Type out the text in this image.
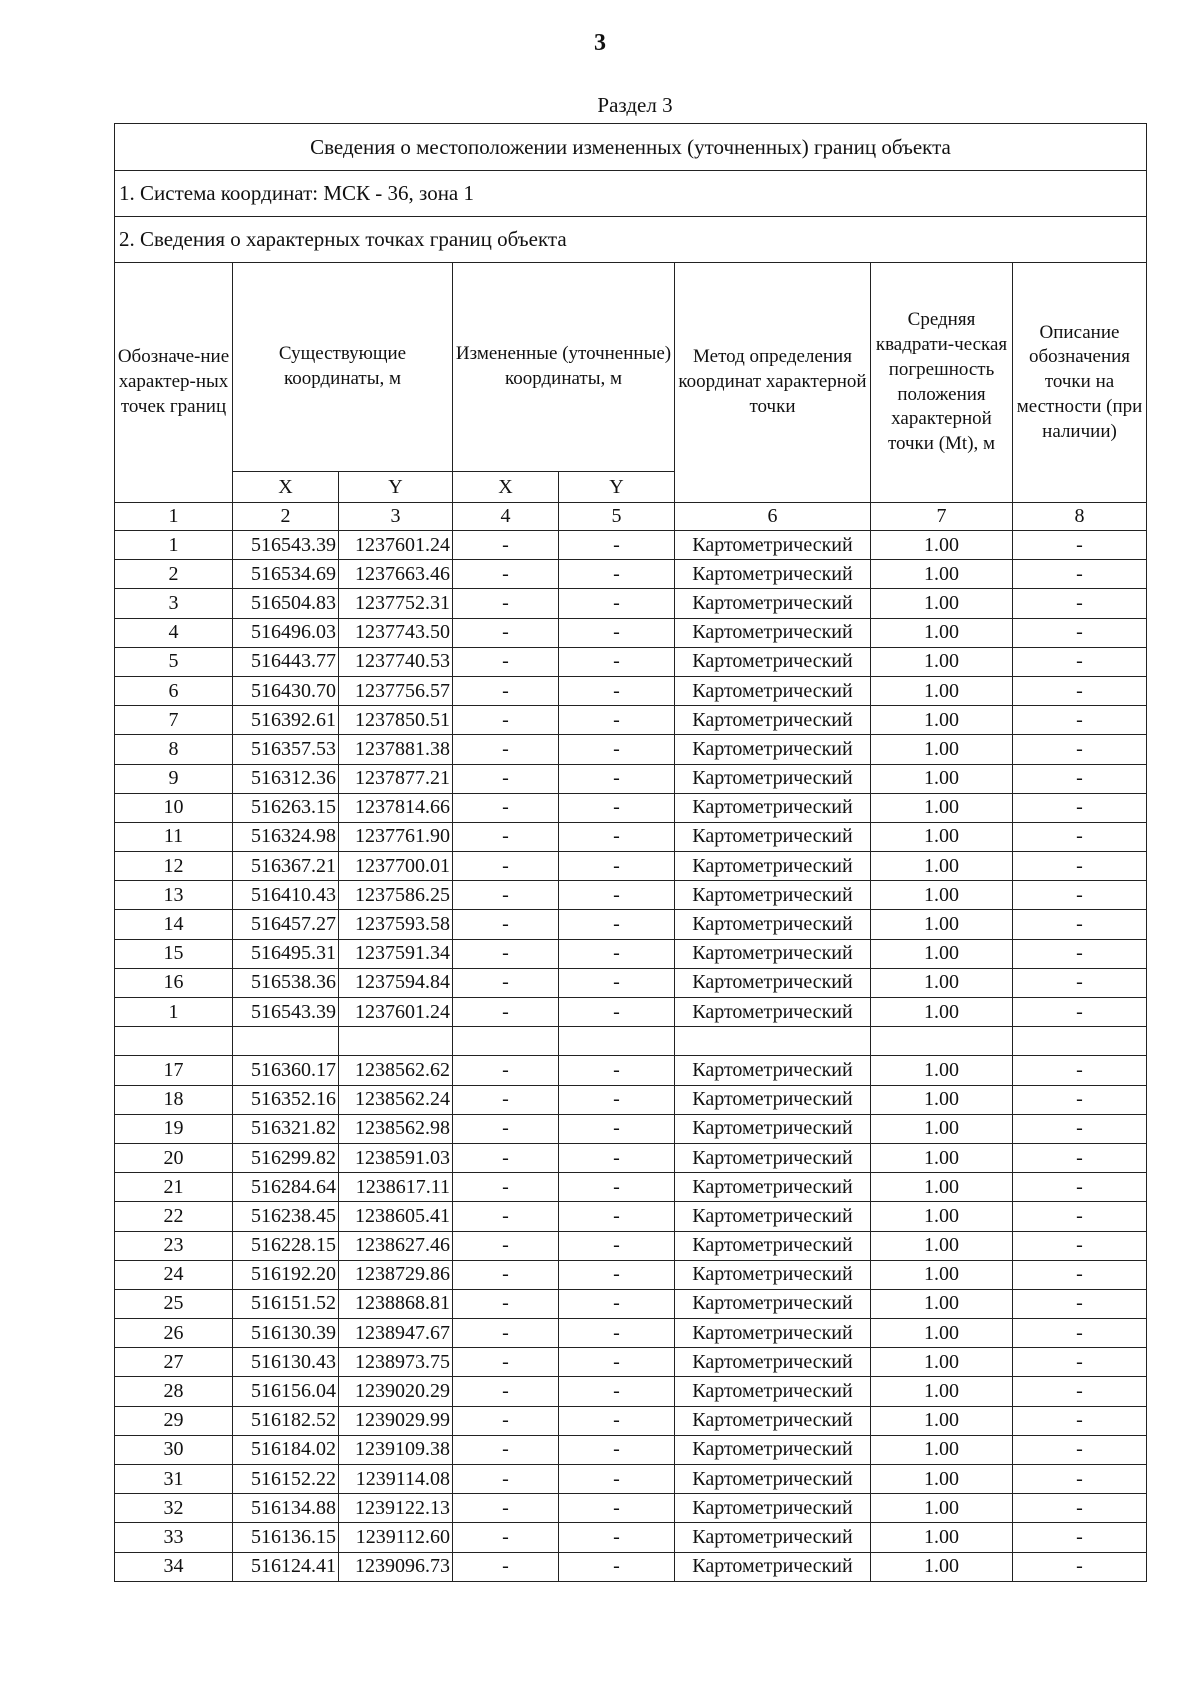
3
Раздел 3
Сведения о местоположении измененных (уточненных) границ объекта							
1. Система координат: МСК - 36, зона 1							
2. Сведения о характерных точках границ объекта							
Обозначе-ние характер-ных точек границ	Существующие координаты, м		Измененные (уточненные) координаты, м		Метод определения координат характерной точки	Средняя квадрати-ческая погрешность положения характерной точки (Mt), м	Описание обозначения точки на местности (при наличии)
	X	Y	X	Y			
1	2	3	4	5	6	7	8
1	516543.39	1237601.24	-	-	Картометрический	1.00	-
2	516534.69	1237663.46	-	-	Картометрический	1.00	-
3	516504.83	1237752.31	-	-	Картометрический	1.00	-
4	516496.03	1237743.50	-	-	Картометрический	1.00	-
5	516443.77	1237740.53	-	-	Картометрический	1.00	-
6	516430.70	1237756.57	-	-	Картометрический	1.00	-
7	516392.61	1237850.51	-	-	Картометрический	1.00	-
8	516357.53	1237881.38	-	-	Картометрический	1.00	-
9	516312.36	1237877.21	-	-	Картометрический	1.00	-
10	516263.15	1237814.66	-	-	Картометрический	1.00	-
11	516324.98	1237761.90	-	-	Картометрический	1.00	-
12	516367.21	1237700.01	-	-	Картометрический	1.00	-
13	516410.43	1237586.25	-	-	Картометрический	1.00	-
14	516457.27	1237593.58	-	-	Картометрический	1.00	-
15	516495.31	1237591.34	-	-	Картометрический	1.00	-
16	516538.36	1237594.84	-	-	Картометрический	1.00	-
1	516543.39	1237601.24	-	-	Картометрический	1.00	-

17	516360.17	1238562.62	-	-	Картометрический	1.00	-
18	516352.16	1238562.24	-	-	Картометрический	1.00	-
19	516321.82	1238562.98	-	-	Картометрический	1.00	-
20	516299.82	1238591.03	-	-	Картометрический	1.00	-
21	516284.64	1238617.11	-	-	Картометрический	1.00	-
22	516238.45	1238605.41	-	-	Картометрический	1.00	-
23	516228.15	1238627.46	-	-	Картометрический	1.00	-
24	516192.20	1238729.86	-	-	Картометрический	1.00	-
25	516151.52	1238868.81	-	-	Картометрический	1.00	-
26	516130.39	1238947.67	-	-	Картометрический	1.00	-
27	516130.43	1238973.75	-	-	Картометрический	1.00	-
28	516156.04	1239020.29	-	-	Картометрический	1.00	-
29	516182.52	1239029.99	-	-	Картометрический	1.00	-
30	516184.02	1239109.38	-	-	Картометрический	1.00	-
31	516152.22	1239114.08	-	-	Картометрический	1.00	-
32	516134.88	1239122.13	-	-	Картометрический	1.00	-
33	516136.15	1239112.60	-	-	Картометрический	1.00	-
34	516124.41	1239096.73	-	-	Картометрический	1.00	-
